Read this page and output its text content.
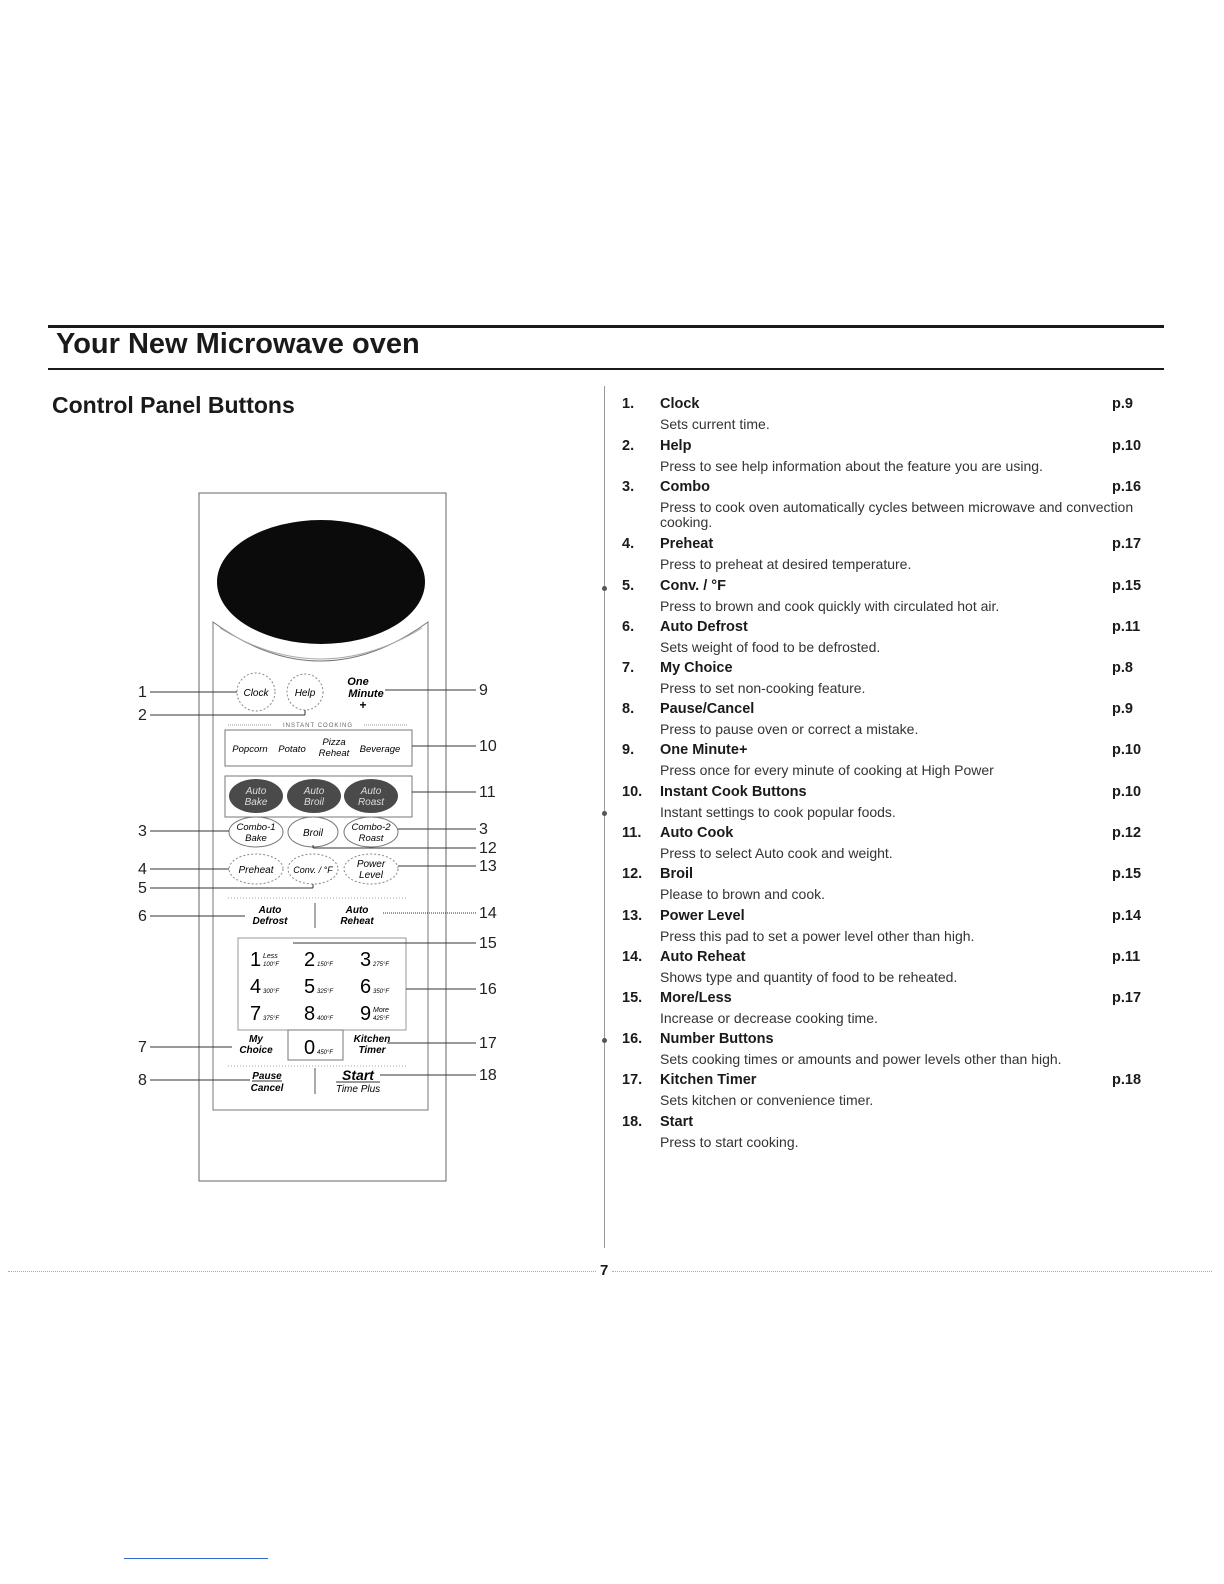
Your New Microwave oven
Control Panel Buttons
Clock	Help
One
Minute
+
INSTANT COOKING
Popcorn Potato
Pizza
Reheat Beverage
Auto
Bake
Auto
Broil
Auto
Roast
Combo-1
Bake	Broil
Combo-2
Roast
Preheat Conv. / °F Power
Level
Auto
Defrost
Auto
Reheat
1 100°F
Less 2 150°F 3 275°F
4 300°F 5 325°F 6 350°F
7 375°F 8 400°F 9 425°F
More
0 450°F
My
Choice
Kitchen
Timer
Pause
Cancel
Start
Time Plus
1
2
3
4
5
6
7
8
9
10
11
3
12
13
14
15
16
17
18
1.	Clock	p.9
Sets current time.
2.	Help	p.10
Press to see help information about the feature you are using.
3.	Combo	p.16
Press to cook oven automatically cycles between microwave and convection cooking.
4.	Preheat	p.17
Press to preheat at desired temperature.
5.	Conv. / °F	p.15
Press to brown and cook quickly with circulated hot air.
6.	Auto Defrost	p.11
Sets weight of food to be defrosted.
7.	My Choice	p.8
Press to set non-cooking feature.
8.	Pause/Cancel	p.9
Press to pause oven or correct a mistake.
9.	One Minute+	p.10
Press once for every minute of cooking at High Power
10.	Instant Cook Buttons	p.10
Instant settings to cook popular foods.
11.	Auto Cook	p.12
Press to select Auto cook and weight.
12.	Broil	p.15
Please to brown and cook.
13.	Power Level	p.14
Press this pad to set a power level other than high.
14.	Auto Reheat	p.11
Shows type and quantity of food to be reheated.
15.	More/Less	p.17
Increase or decrease cooking time.
16.	Number Buttons
Sets cooking times or amounts and power levels other than high.
17.	Kitchen Timer	p.18
Sets kitchen or convenience timer.
18.	Start
Press to start cooking.
7
